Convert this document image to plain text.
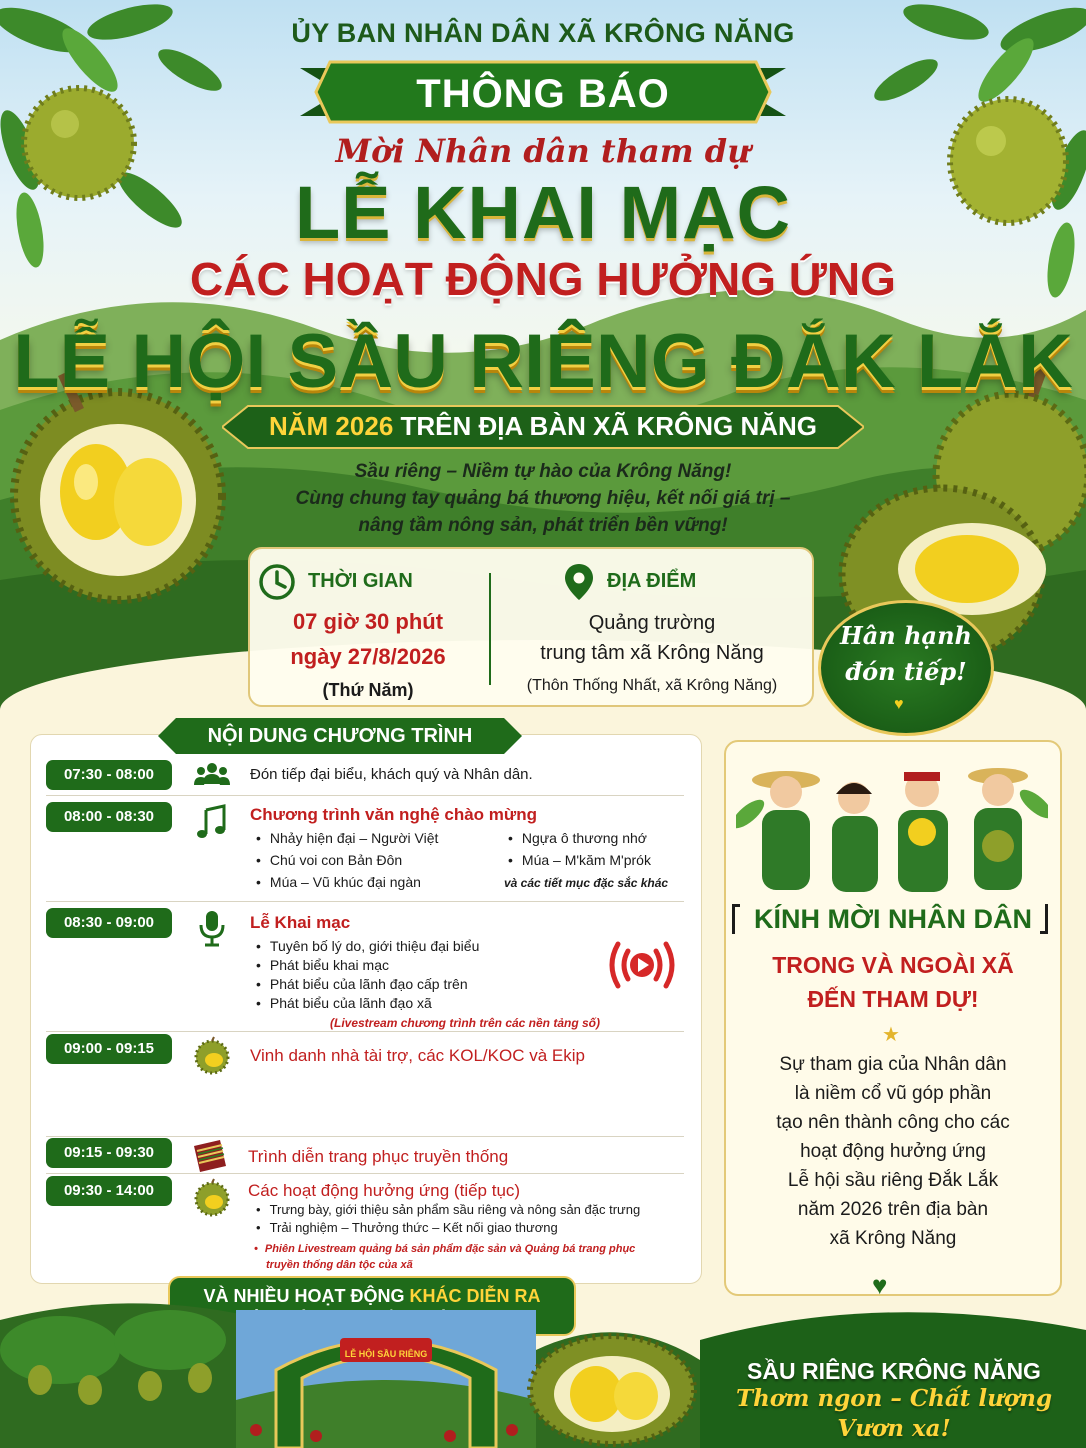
ỦY BAN NHÂN DÂN XÃ KRÔNG NĂNG
THÔNG BÁO
Mời Nhân dân tham dự
LỄ KHAI MẠC
CÁC HOẠT ĐỘNG HƯỞNG ỨNG
LỄ HỘI SẦU RIÊNG ĐẮK LẮK
NĂM 2026 TRÊN ĐỊA BÀN XÃ KRÔNG NĂNG
Sầu riêng – Niềm tự hào của Krông Năng!
Cùng chung tay quảng bá thương hiệu, kết nối giá trị –
nâng tầm nông sản, phát triển bền vững!
THỜI GIAN
07 giờ 30 phút
ngày 27/8/2026
(Thứ Năm)
ĐỊA ĐIỂM
Quảng trường
trung tâm xã Krông Năng
(Thôn Thống Nhất, xã Krông Năng)
Hân hạnh
đón tiếp!
♥
NỘI DUNG CHƯƠNG TRÌNH
07:30 - 08:00	Đón tiếp đại biểu, khách quý và Nhân dân.
08:00 - 08:30	Chương trình văn nghệ chào mừng
• Nhảy hiện đại – Người Việt
• Chú voi con Bản Đôn
• Múa – Vũ khúc đại ngàn
• Ngựa ô thương nhớ
• Múa – M'kăm M'prók
và các tiết mục đặc sắc khác
08:30 - 09:00	Lễ Khai mạc
• Tuyên bố lý do, giới thiệu đại biểu
• Phát biểu khai mạc
• Phát biểu của lãnh đạo cấp trên
• Phát biểu của lãnh đạo xã
(Livestream chương trình trên các nền tảng số)
09:00 - 09:15	Vinh danh nhà tài trợ, các KOL/KOC và Ekip
09:15 - 09:30	Trình diễn trang phục truyền thống
09:30 - 14:00	Các hoạt động hưởng ứng (tiếp tục)
• Trưng bày, giới thiệu sản phẩm sầu riêng và nông sản đặc trưng
• Trải nghiệm – Thưởng thức – Kết nối giao thương
• Phiên Livestream quảng bá sản phẩm đặc sản và Quảng bá trang phục
truyền thống dân tộc của xã
VÀ NHIỀU HOẠT ĐỘNG KHÁC DIỄN RA
KÍNH MỜI NHÂN DÂN
TRONG VÀ NGOÀI XÃ
ĐẾN THAM DỰ!
★
Sự tham gia của Nhân dân
là niềm cổ vũ góp phần
tạo nên thành công cho các
hoạt động hưởng ứng
Lễ hội sầu riêng Đắk Lắk
năm 2026 trên địa bàn
xã Krông Năng
♥
LỄ HỘI SẦU RIÊNG
SẦU RIÊNG KRÔNG NĂNG
Thơm ngon – Chất lượng
Vươn xa!
